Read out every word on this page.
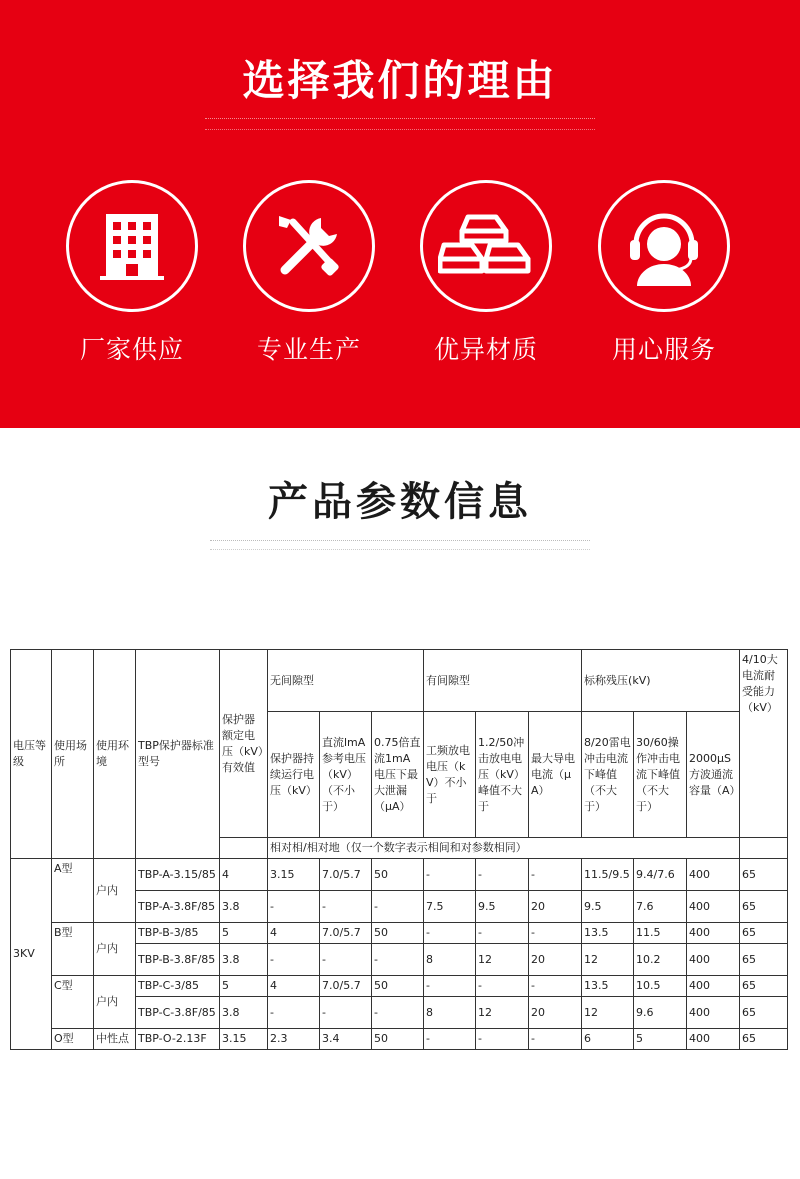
选择我们的理由
厂家供应	专业生产	优异材质	用心服务
产品参数信息
电压等级	使用场所	使用环境	TBP保护器标准型号	保护器额定电压（kV）有效值	无间隙型			有间隙型			标称残压(kV)			4/10大电流耐受能力（kV）
					保护器持续运行电压（kV）	直流lmA参考电压（kV）（不小于）	0.75倍直流1mA电压下最大泄漏（μA）	工频放电电压（kV）不小于	1.2/50冲击放电电压（kV）峰值不大于	最大导电电流（μA）	8/20雷电冲击电流下峰值（不大于）	30/60操作冲击电流下峰值（不大于）	2000μS方波通流容量（A）	
					相对相/相对地（仅一个数字表示相间和对参数相同）									
3KV	A型	户内	TBP-A-3.15/85	4	3.15	7.0/5.7	50	-	-	-	11.5/9.5	9.4/7.6	400	65
			TBP-A-3.8F/85	3.8	-	-	-	7.5	9.5	20	9.5	7.6	400	65
	B型	户内	TBP-B-3/85	5	4	7.0/5.7	50	-	-	-	13.5	11.5	400	65
			TBP-B-3.8F/85	3.8	-	-	-	8	12	20	12	10.2	400	65
	C型	户内	TBP-C-3/85	5	4	7.0/5.7	50	-	-	-	13.5	10.5	400	65
			TBP-C-3.8F/85	3.8	-	-	-	8	12	20	12	9.6	400	65
	O型	中性点	TBP-O-2.13F	3.15	2.3	3.4	50	-	-	-	6	5	400	65
